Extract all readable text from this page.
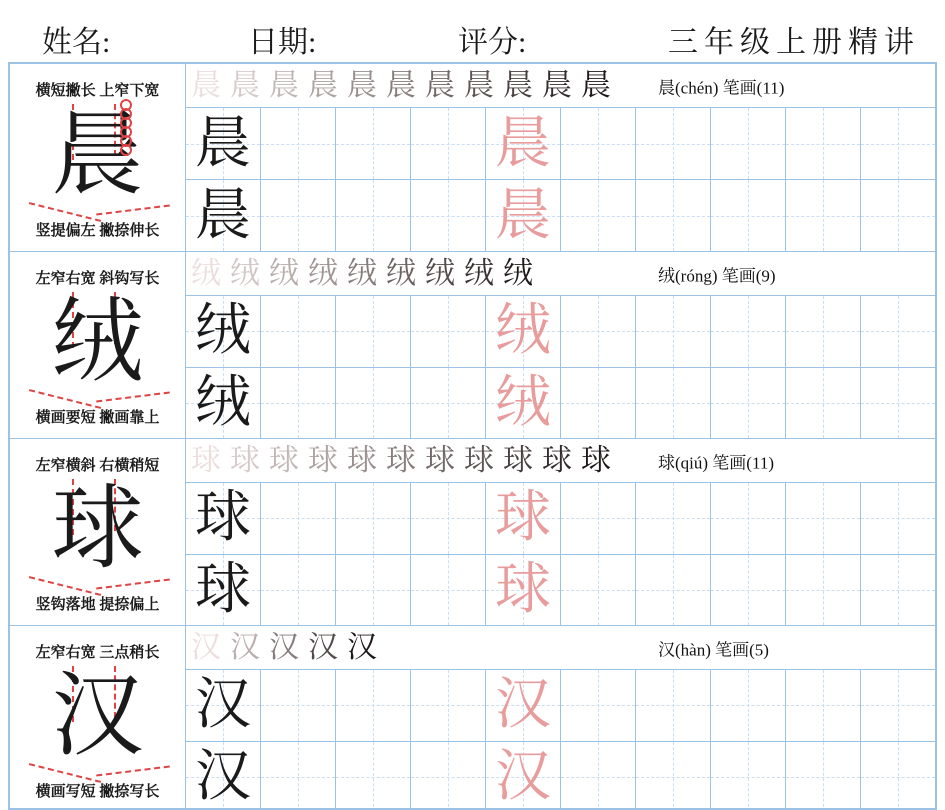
姓名:	日期:	评分:	三年级上册精讲
横短撇长 上窄下宽
晨
竖提偏左 撇捺伸长
晨 晨 晨 晨 晨 晨 晨 晨 晨 晨 晨	晨(chén) 笔画(11)
晨	晨
晨	晨
左窄右宽 斜钩写长
绒
横画要短 撇画靠上
绒 绒 绒 绒 绒 绒 绒 绒 绒	绒(róng) 笔画(9)
绒	绒
绒	绒
左窄横斜 右横稍短
球
竖钩落地 提捺偏上
球 球 球 球 球 球 球 球 球 球 球	球(qiú) 笔画(11)
球	球
球	球
左窄右宽 三点稍长
汉
横画写短 撇捺写长
汉 汉 汉 汉 汉	汉(hàn) 笔画(5)
汉	汉
汉	汉
